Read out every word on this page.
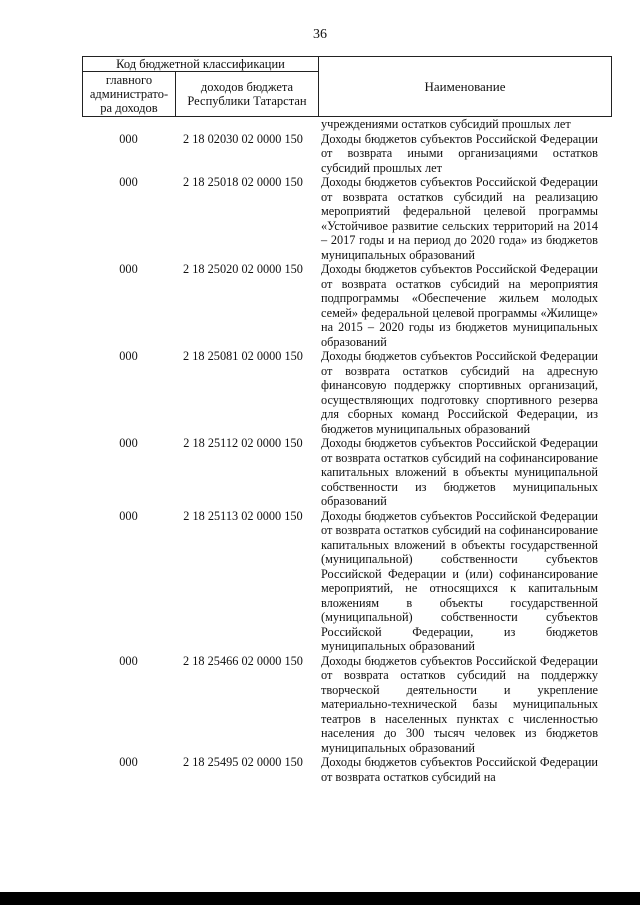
36
Код бюджетной классификации		Наименование
главного администрато-ра доходов	доходов бюджета Республики Татарстан	
учреждениями остатков субсидий прошлых лет
000	2 18 02030 02 0000 150	Доходы бюджетов субъектов Российской Федерации от возврата иными организациями остатков субсидий прошлых лет
000	2 18 25018 02 0000 150	Доходы бюджетов субъектов Российской Федерации от возврата остатков субсидий на реализацию мероприятий федеральной целевой программы «Устойчивое развитие сельских территорий на 2014 – 2017 годы и на период до 2020 года» из бюджетов муниципальных образований
000	2 18 25020 02 0000 150	Доходы бюджетов субъектов Российской Федерации от возврата остатков субсидий на мероприятия подпрограммы «Обеспечение жильем молодых семей» федеральной целевой программы «Жилище» на 2015 – 2020 годы из бюджетов муниципальных образований
000	2 18 25081 02 0000 150	Доходы бюджетов субъектов Российской Федерации от возврата остатков субсидий на адресную финансовую поддержку спортивных организаций, осуществляющих подготовку спортивного резерва для сборных команд Российской Федерации, из бюджетов муниципальных образований
000	2 18 25112 02 0000 150	Доходы бюджетов субъектов Российской Федерации от возврата остатков субсидий на софинансирование капитальных вложений в объекты муниципальной собственности из бюджетов муниципальных образований
000	2 18 25113 02 0000 150	Доходы бюджетов субъектов Российской Федерации от возврата остатков субсидий на софинансирование капитальных вложений в объекты государственной (муниципальной) собственности субъектов Российской Федерации и (или) софинансирование мероприятий, не относящихся к капитальным вложениям в объекты государственной (муниципальной) собственности субъектов Российской Федерации, из бюджетов муниципальных образований
000	2 18 25466 02 0000 150	Доходы бюджетов субъектов Российской Федерации от возврата остатков субсидий на поддержку творческой деятельности и укрепление материально-технической базы муниципальных театров в населенных пунктах с численностью населения до 300 тысяч человек из бюджетов муниципальных образований
000	2 18 25495 02 0000 150	Доходы бюджетов субъектов Российской Федерации от возврата остатков субсидий на
